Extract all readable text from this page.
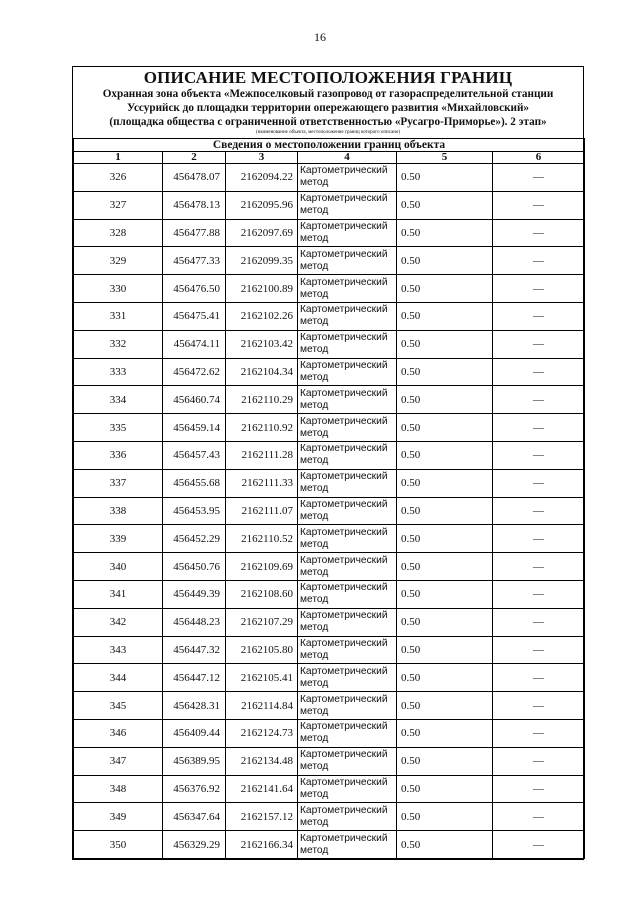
16
ОПИСАНИЕ МЕСТОПОЛОЖЕНИЯ ГРАНИЦ
Охранная зона объекта «Межпоселковый газопровод от газораспределительной станции
Уссурийск до площадки территории опережающего развития «Михайловский»
(площадка общества с ограниченной ответственностью «Русагро-Приморье»). 2 этап»
(наименование объекта, местоположение границ которого описано)
Сведения о местоположении границ объекта					
1	2	3	4	5	6
326	456478.07	2162094.22	Картометрический метод	0.50	—
327	456478.13	2162095.96	Картометрический метод	0.50	—
328	456477.88	2162097.69	Картометрический метод	0.50	—
329	456477.33	2162099.35	Картометрический метод	0.50	—
330	456476.50	2162100.89	Картометрический метод	0.50	—
331	456475.41	2162102.26	Картометрический метод	0.50	—
332	456474.11	2162103.42	Картометрический метод	0.50	—
333	456472.62	2162104.34	Картометрический метод	0.50	—
334	456460.74	2162110.29	Картометрический метод	0.50	—
335	456459.14	2162110.92	Картометрический метод	0.50	—
336	456457.43	2162111.28	Картометрический метод	0.50	—
337	456455.68	2162111.33	Картометрический метод	0.50	—
338	456453.95	2162111.07	Картометрический метод	0.50	—
339	456452.29	2162110.52	Картометрический метод	0.50	—
340	456450.76	2162109.69	Картометрический метод	0.50	—
341	456449.39	2162108.60	Картометрический метод	0.50	—
342	456448.23	2162107.29	Картометрический метод	0.50	—
343	456447.32	2162105.80	Картометрический метод	0.50	—
344	456447.12	2162105.41	Картометрический метод	0.50	—
345	456428.31	2162114.84	Картометрический метод	0.50	—
346	456409.44	2162124.73	Картометрический метод	0.50	—
347	456389.95	2162134.48	Картометрический метод	0.50	—
348	456376.92	2162141.64	Картометрический метод	0.50	—
349	456347.64	2162157.12	Картометрический метод	0.50	—
350	456329.29	2162166.34	Картометрический метод	0.50	—
